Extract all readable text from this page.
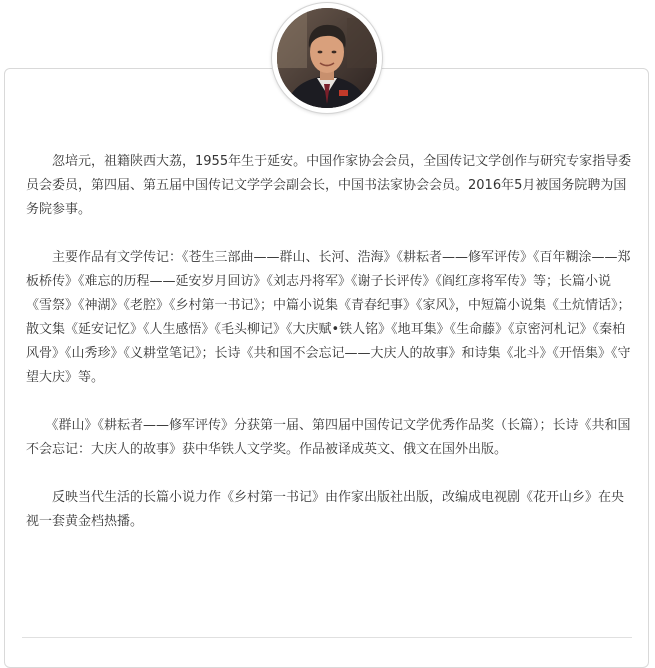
　　忽培元，祖籍陕西大荔，1955年生于延安。中国作家协会会员，全国传记文学创作与研究专家指导委员会委员，第四届、第五届中国传记文学学会副会长，中国书法家协会会员。2016年5月被国务院聘为国务院参事。

　　主要作品有文学传记：《苍生三部曲——群山、长河、浩海》《耕耘者——修军评传》《百年糊涂——郑板桥传》《难忘的历程——延安岁月回访》《刘志丹将军》《谢子长评传》《阎红彦将军传》等；长篇小说《雪祭》《神湖》《老腔》《乡村第一书记》；中篇小说集《青春纪事》《家风》，中短篇小说集《土炕情话》；散文集《延安记忆》《人生感悟》《毛头柳记》《大庆赋•铁人铭》《地耳集》《生命藤》《京密河札记》《秦柏风骨》《山秀珍》《义耕堂笔记》；长诗《共和国不会忘记——大庆人的故事》和诗集《北斗》《开悟集》《守望大庆》等。

　　《群山》《耕耘者——修军评传》分获第一届、第四届中国传记文学优秀作品奖（长篇）；长诗《共和国不会忘记：大庆人的故事》获中华铁人文学奖。作品被译成英文、俄文在国外出版。

　　反映当代生活的长篇小说力作《乡村第一书记》由作家出版社出版，改编成电视剧《花开山乡》在央视一套黄金档热播。
